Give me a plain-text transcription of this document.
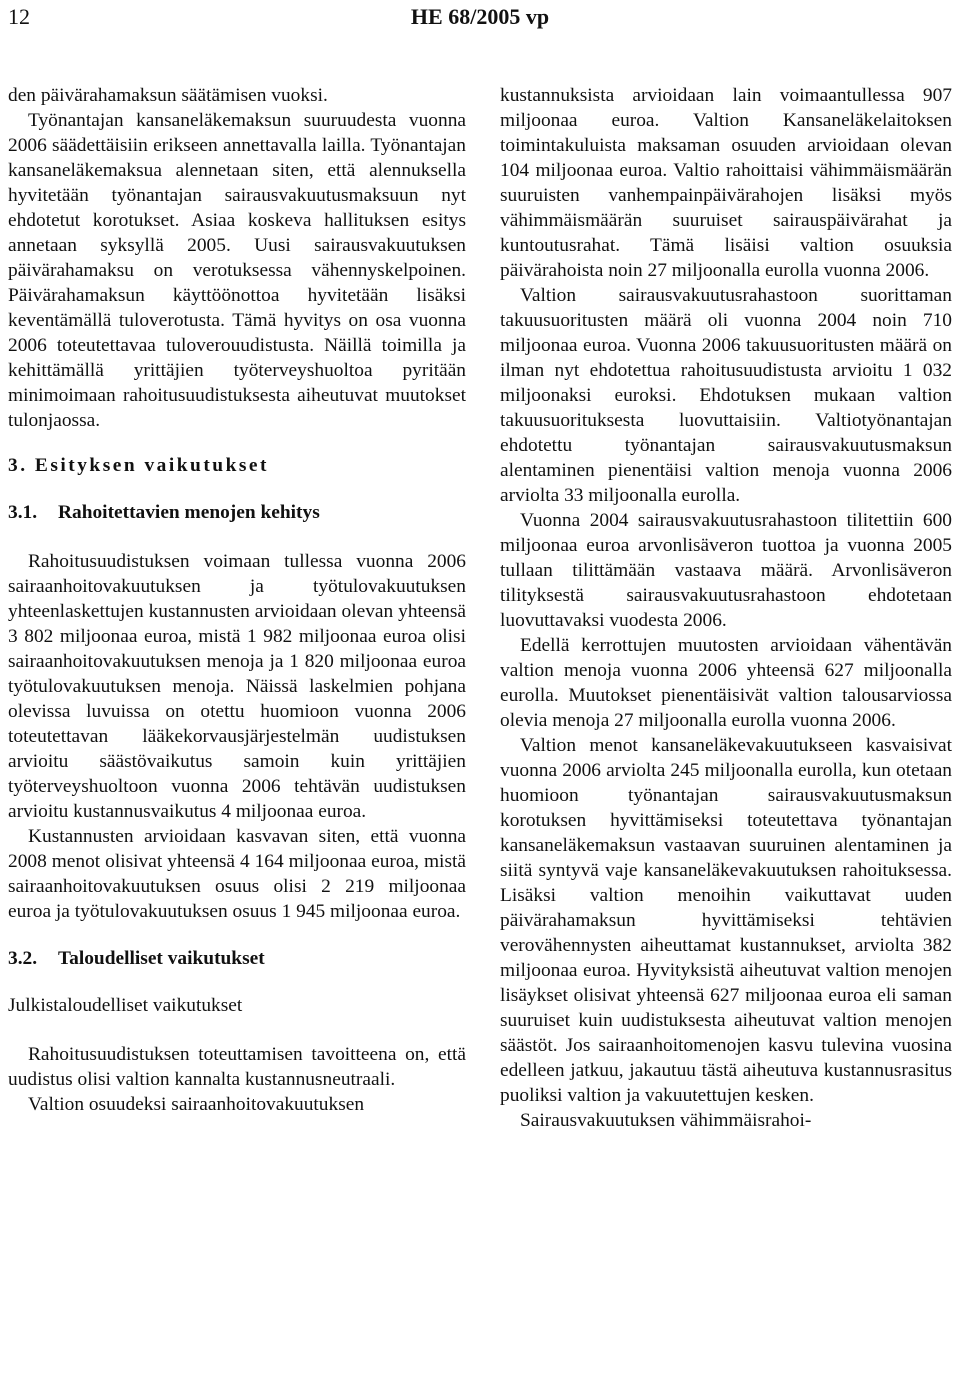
12	HE 68/2005 vp

den päivärahamaksun säätämisen vuoksi.

Työnantajan kansaneläkemaksun suuruudesta vuonna 2006 säädettäisiin erikseen annettavalla lailla. Työnantajan kansaneläkemaksua alennetaan siten, että alennuksella hyvitetään työnantajan sairausvakuutusmaksuun nyt ehdotetut korotukset. Asiaa koskeva hallituksen esitys annetaan syksyllä 2005. Uusi sairausvakuutuksen päivärahamaksu on verotuksessa vähennyskelpoinen. Päivärahamaksun käyttöönottoa hyvitetään lisäksi keventämällä tuloverotusta. Tämä hyvitys on osa vuonna 2006 toteutettavaa tuloverouudistusta. Näillä toimilla ja kehittämällä yrittäjien työterveyshuoltoa pyritään minimoimaan rahoitusuudistuksesta aiheutuvat muutokset tulonjaossa.

3. Esityksen vaikutukset

3.1. Rahoitettavien menojen kehitys

Rahoitusuudistuksen voimaan tullessa vuonna 2006 sairaanhoitovakuutuksen ja työtulovakuutuksen yhteenlaskettujen kustannusten arvioidaan olevan yhteensä 3 802 miljoonaa euroa, mistä 1 982 miljoonaa euroa olisi sairaanhoitovakuutuksen menoja ja 1 820 miljoonaa euroa työtulovakuutuksen menoja. Näissä laskelmien pohjana olevissa luvuissa on otettu huomioon vuonna 2006 toteutettavan lääkekorvausjärjestelmän uudistuksen arvioitu säästövaikutus samoin kuin yrittäjien työterveyshuoltoon vuonna 2006 tehtävän uudistuksen arvioitu kustannusvaikutus 4 miljoonaa euroa.

Kustannusten arvioidaan kasvavan siten, että vuonna 2008 menot olisivat yhteensä 4 164 miljoonaa euroa, mistä sairaanhoitovakuutuksen osuus olisi 2 219 miljoonaa euroa ja työtulovakuutuksen osuus 1 945 miljoonaa euroa.

3.2. Taloudelliset vaikutukset

Julkistaloudelliset vaikutukset

Rahoitusuudistuksen toteuttamisen tavoitteena on, että uudistus olisi valtion kannalta kustannusneutraali.

Valtion osuudeksi sairaanhoitovakuutuksen

kustannuksista arvioidaan lain voimaantullessa 907 miljoonaa euroa. Valtion Kansaneläkelaitoksen toimintakuluista maksaman osuuden arvioidaan olevan 104 miljoonaa euroa. Valtio rahoittaisi vähimmäismäärän suuruisten vanhempainpäivärahojen lisäksi myös vähimmäismäärän suuruiset sairauspäivärahat ja kuntoutusrahat. Tämä lisäisi valtion osuuksia päivärahoista noin 27 miljoonalla eurolla vuonna 2006.

Valtion sairausvakuutusrahastoon suorittaman takuusuoritusten määrä oli vuonna 2004 noin 710 miljoonaa euroa. Vuonna 2006 takuusuoritusten määrä on ilman nyt ehdotettua rahoitusuudistusta arvioitu 1 032 miljoonaksi euroksi. Ehdotuksen mukaan valtion takuusuorituksesta luovuttaisiin. Valtiotyönantajan ehdotettu työnantajan sairausvakuutusmaksun alentaminen pienentäisi valtion menoja vuonna 2006 arviolta 33 miljoonalla eurolla.

Vuonna 2004 sairausvakuutusrahastoon tilitettiin 600 miljoonaa euroa arvonlisäveron tuottoa ja vuonna 2005 tullaan tilittämään vastaava määrä. Arvonlisäveron tilityksestä sairausvakuutusrahastoon ehdotetaan luovuttavaksi vuodesta 2006.

Edellä kerrottujen muutosten arvioidaan vähentävän valtion menoja vuonna 2006 yhteensä 627 miljoonalla eurolla. Muutokset pienentäisivät valtion talousarviossa olevia menoja 27 miljoonalla eurolla vuonna 2006.

Valtion menot kansaneläkevakuutukseen kasvaisivat vuonna 2006 arviolta 245 miljoonalla eurolla, kun otetaan huomioon työnantajan sairausvakuutusmaksun korotuksen hyvittämiseksi toteutettava työnantajan kansaneläkemaksun vastaavan suuruinen alentaminen ja siitä syntyvä vaje kansaneläkevakuutuksen rahoituksessa. Lisäksi valtion menoihin vaikuttavat uuden päivärahamaksun hyvittämiseksi tehtävien verovähennysten aiheuttamat kustannukset, arviolta 382 miljoonaa euroa. Hyvityksistä aiheutuvat valtion menojen lisäykset olisivat yhteensä 627 miljoonaa euroa eli saman suuruiset kuin uudistuksesta aiheutuvat valtion menojen säästöt. Jos sairaanhoitomenojen kasvu tulevina vuosina edelleen jatkuu, jakautuu tästä aiheutuva kustannusrasitus puoliksi valtion ja vakuutettujen kesken.

Sairausvakuutuksen vähimmäisrahoi-
